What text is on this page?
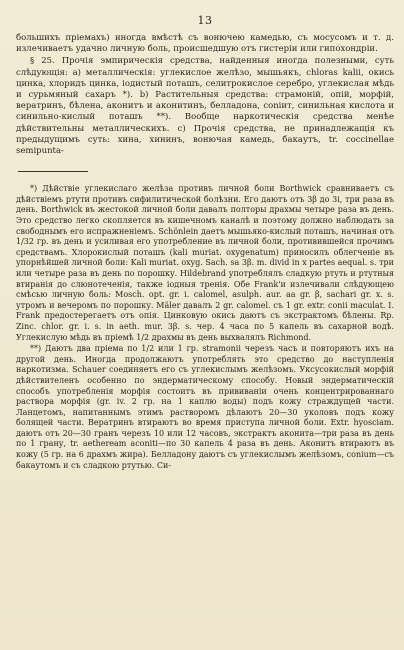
13

большихъ пріемахъ) иногда вмѣстѣ съ вонючею камедью, съ мосусомъ и т. д. излечиваетъ удачно личную боль, происшедшую отъ гистеріи или гипохондріи.

§ 25. Прочія эмпирическія средства, найденныя иногда полезными, суть слѣдующія: a) металлическія: углекислое желѣзо, мышьякъ, chloras kalii, окись цинка, хлоридъ цинка, іодистый поташъ, селитрокислое серебро, углекислая мѣдь и сурьмяный сахаръ *). b) Растительныя средства: страмоній, опій, морфій, вератринъ, бѣлена, аконитъ и аконитинъ, белладона, coniит, синильная кислота и синильно-кислый поташъ **). Вообще наркотическія средства менѣе дѣйствительны металлическихъ. c) Прочія средства, не принадлежащія къ предыдущимъ суть: хина, хининъ, вонючая камедь, бакаутъ, tr. coccinellae semipunta-

*) Дѣйствіе углекислаго желѣза противъ личной боли Borthwick сравниваетъ съ дѣйствіемъ ртути противъ сифилитической болѣзни. Его даютъ отъ 3β до 3i, три раза въ день. Borthwick въ жестокой личной боли давалъ полторы драхмы четыре раза въ день. Это средство легко скопляется въ кишечномъ каналѣ и поэтому должно наблюдать за свободнымъ его испражненіемъ. Schönlein даетъ мышьяко-кислый поташъ, начиная отъ 1/32 гр. въ день и усиливая его употребление въ личной боли, противившейся прочимъ средствамъ. Хлорокислый поташъ (kali muriat. oxygenatum) приносилъ облегченіе въ упорнѣйшей личной боли: Kali muriat. oxyg. Sach. sa 3β. m. divid in x partes aequal. s. три или четыре раза въ день по порошку. Hildebrand употреблялъ сладкую ртуть и ртутныя втиранія до слюнотеченія, также іодныя тренія. Oбe Frank'и излечивали слѣдующею смѣсью личную боль: Mosch. opt. gr. i. calomel, asulph. aur. aa gr. β, sachari gr. x. s. утромъ и вечеромъ по порошку. Mäler давалъ 2 gr. calomel. съ 1 gr. extr. conii maculat. I. Frank предостерегаетъ отъ опія. Цинковую окись даютъ съ экстрактомъ бѣлены. Rp. Zinc. chlor. gr. i. s. in aeth. mur. 3β. s. чер. 4 часа по 5 капель въ сахарной водѣ. Углекислую мѣдь въ пріемѣ 1/2 драхмы въ день выхвалялъ Richmond.

**) Даютъ два пріема по 1/2 или 1 гр. stramonii черезъ часъ и повторяютъ ихъ на другой день. Иногда продолжаютъ употреблять это средство до наступленія наркотизма. Schauer соединяетъ его съ углекислымъ желѣзомъ. Уксусокислый морфій дѣйствителенъ особенно по эндерматическому способу. Новый эндерматическій способъ употребленія морфія состоитъ въ прививаніи очень концентрированнаго раствора морфія (gr. iv. 2 гр. на 1 каплю воды) подъ кожу страждущей части. Ланцетомъ, напитаннымъ этимъ растворомъ дѣлаютъ 20—30 уколовъ подъ кожу болящей части. Вератринъ втираютъ во время приступа личной боли. Extr. hyosciam. даютъ отъ 20—30 гранъ черезъ 10 или 12 часовъ, экстрактъ аконита—три раза въ день по 1 грану, tr. aetheream aconiti—по 30 капель 4 раза въ день. Аконитъ втираютъ въ кожу (5 гр. на 6 драхмъ жира). Белладону даютъ съ углекислымъ желѣзомъ, conium—съ бакаутомъ и съ сладкою ртутью. Си-
